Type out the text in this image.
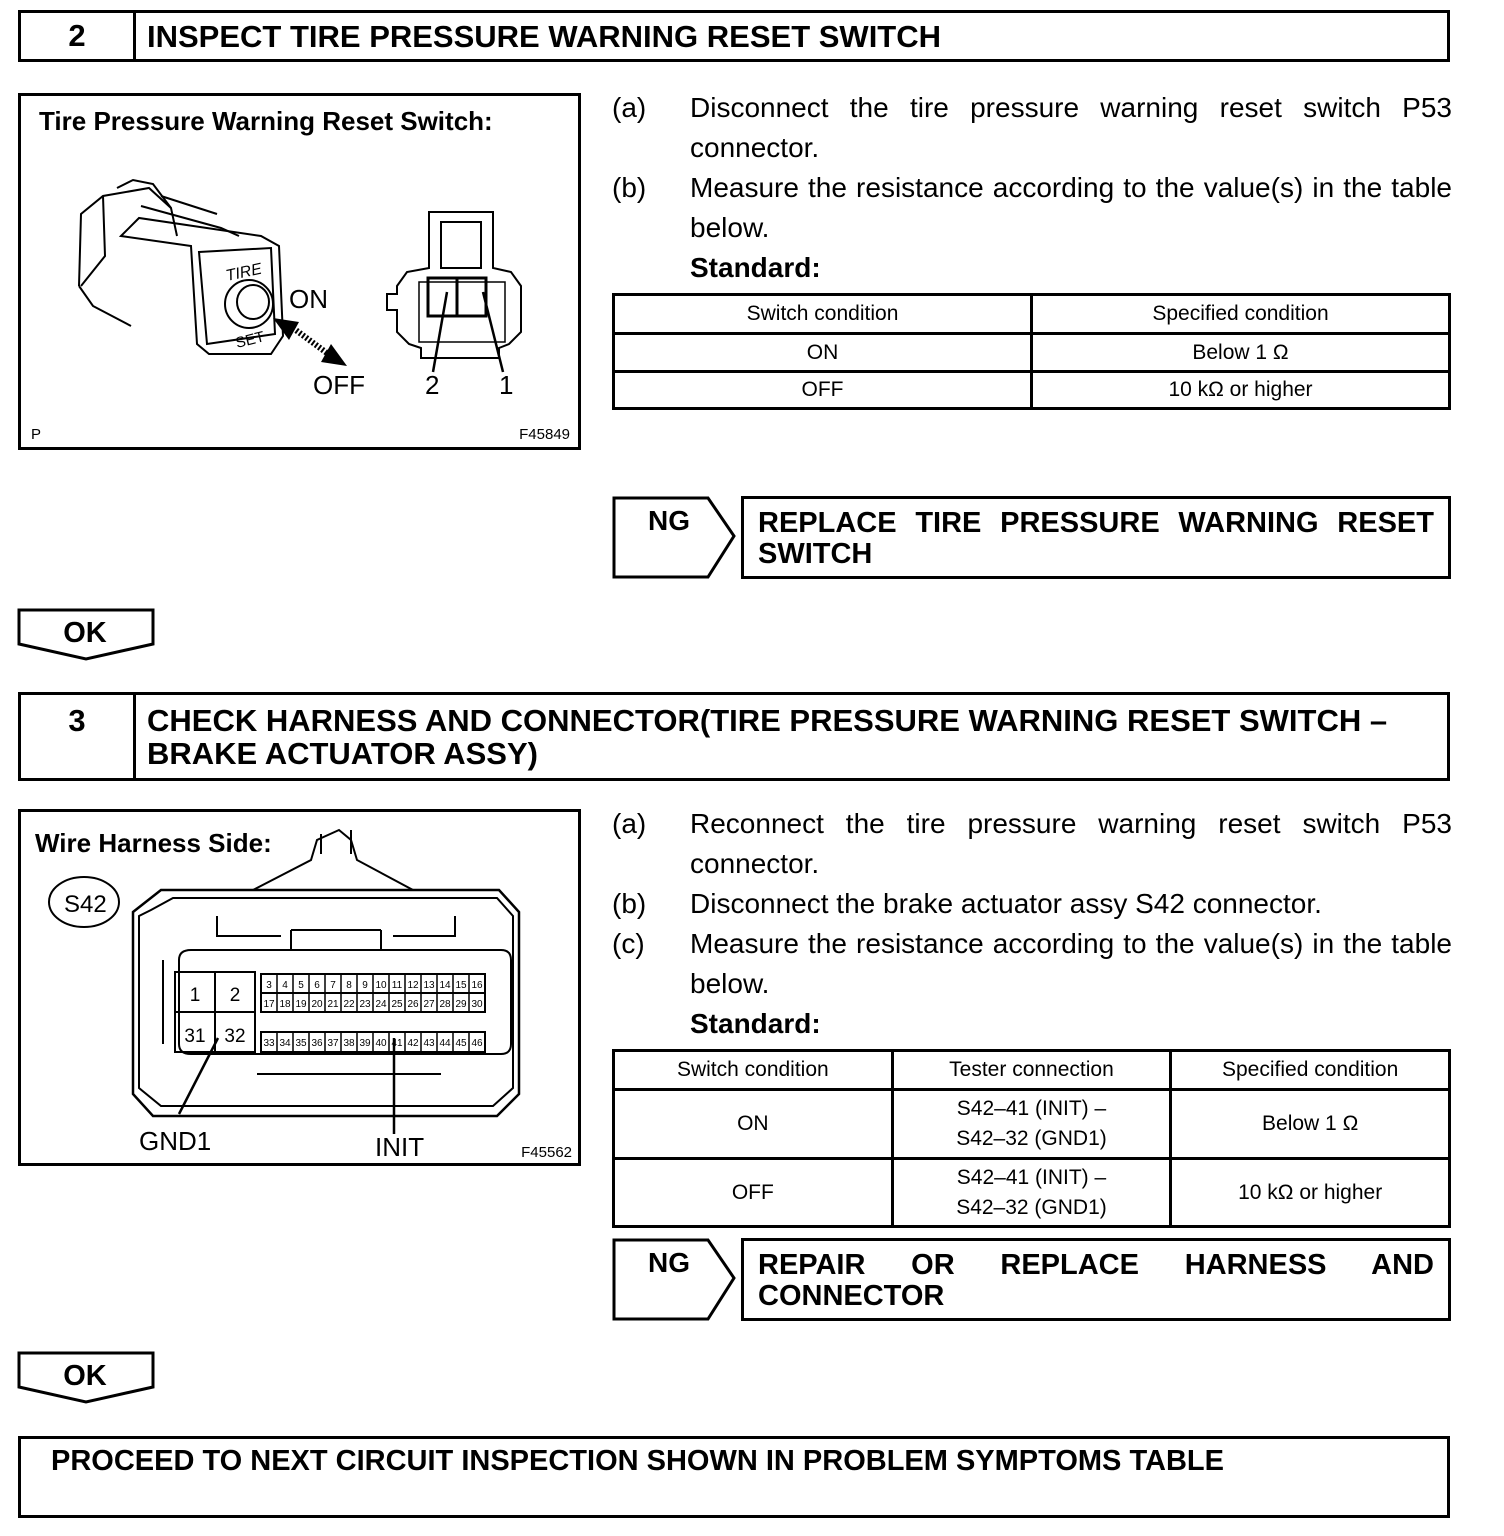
2	INSPECT TIRE PRESSURE WARNING RESET SWITCH
Tire Pressure Warning Reset Switch:
TIRE
SET
ON
OFF 2 1
P	F45849
(a) Disconnect the tire pressure warning reset switch P53 connector.
(b) Measure the resistance according to the value(s) in the table below.
Standard:
Switch condition	Specified condition
ON	Below 1 Ω
OFF	10 kΩ or higher
NG	REPLACE TIRE PRESSURE WARNING RESET SWITCH
OK
3	CHECK HARNESS AND CONNECTOR(TIRE PRESSURE WARNING RESET SWITCH – BRAKE ACTUATOR ASSY)
Wire Harness Side:
S42
1 2
31 32
3 4 5 6 7 8 9 10 11 12 13 14 15 16
17 18 19 20 21 22 23 24 25 26 27 28 29 30
33 34 35 36 37 38 39 40 41 42 43 44 45 46
GND1	INIT	F45562
(a) Reconnect the tire pressure warning reset switch P53 connector.
(b) Disconnect the brake actuator assy S42 connector.
(c) Measure the resistance according to the value(s) in the table below.
Standard:
Switch condition	Tester connection	Specified condition
ON	S42–41 (INIT) –
S42–32 (GND1)	Below 1 Ω
OFF	S42–41 (INIT) –
S42–32 (GND1)	10 kΩ or higher
NG	REPAIR OR REPLACE HARNESS AND CONNECTOR
OK
PROCEED TO NEXT CIRCUIT INSPECTION SHOWN IN PROBLEM SYMPTOMS TABLE
